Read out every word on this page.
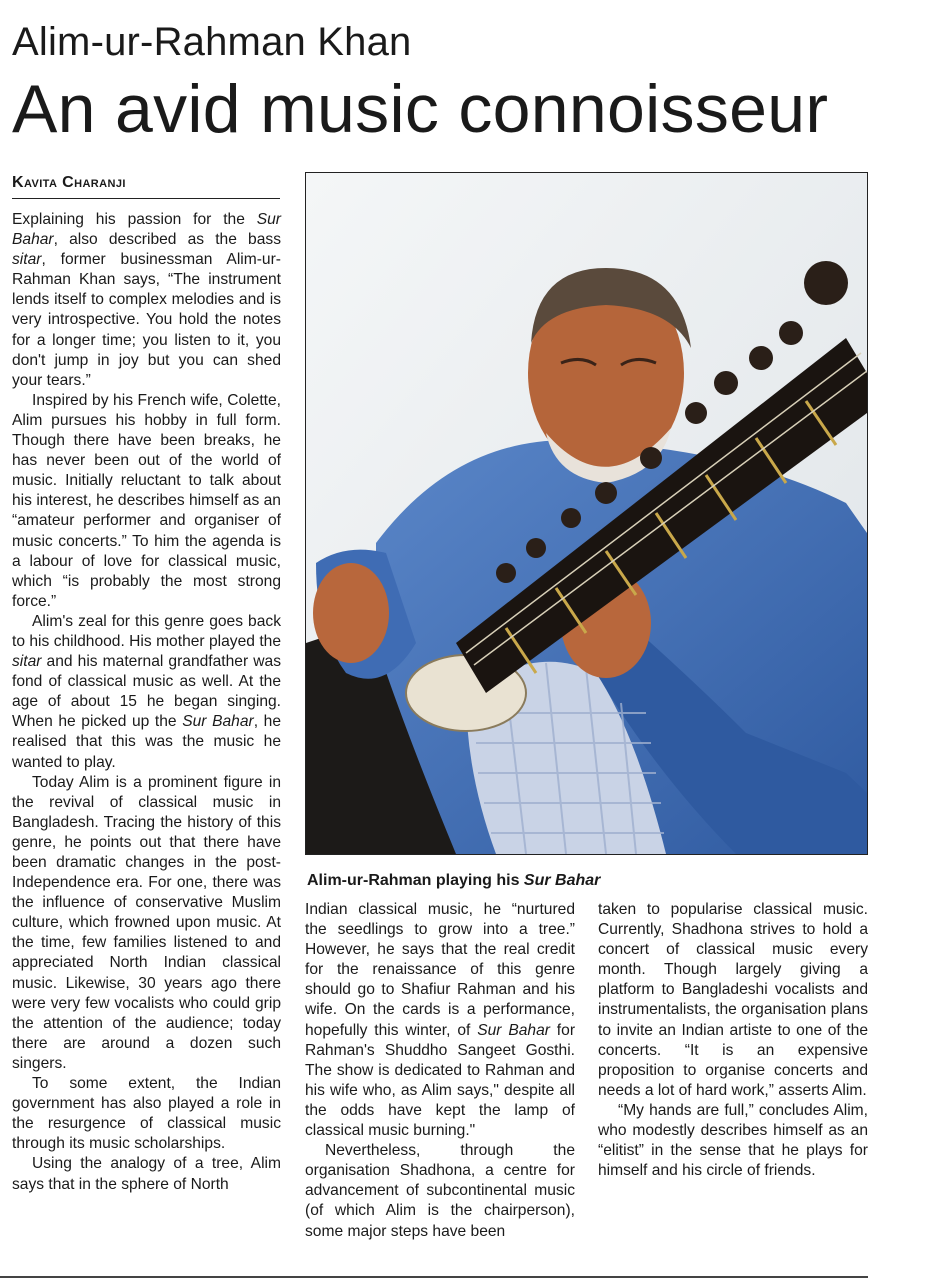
Alim-ur-Rahman Khan
An avid music connoisseur
Kavita Charanji

Explaining his passion for the Sur Bahar, also described as the bass sitar, former businessman Alim-ur-Rahman Khan says, “The instrument lends itself to complex melodies and is very introspective. You hold the notes for a longer time; you listen to it, you don't jump in joy but you can shed your tears.”

Inspired by his French wife, Colette, Alim pursues his hobby in full form. Though there have been breaks, he has never been out of the world of music. Initially reluctant to talk about his interest, he describes himself as an “amateur performer and organiser of music concerts.” To him the agenda is a labour of love for classical music, which “is probably the most strong force.”

Alim's zeal for this genre goes back to his childhood. His mother played the sitar and his maternal grandfather was fond of classical music as well. At the age of about 15 he began singing. When he picked up the Sur Bahar, he realised that this was the music he wanted to play.

Today Alim is a prominent figure in the revival of classical music in Bangladesh. Tracing the history of this genre, he points out that there have been dramatic changes in the post-Independence era. For one, there was the influence of conservative Muslim culture, which frowned upon music. At the time, few families listened to and appreciated North Indian classical music. Likewise, 30 years ago there were very few vocalists who could grip the attention of the audience; today there are around a dozen such singers.

To some extent, the Indian government has also played a role in the resurgence of classical music through its music scholarships.

Using the analogy of a tree, Alim says that in the sphere of North

Alim-ur-Rahman playing his Sur Bahar

Indian classical music, he “nurtured the seedlings to grow into a tree.” However, he says that the real credit for the renaissance of this genre should go to Shafiur Rahman and his wife. On the cards is a performance, hopefully this winter, of Sur Bahar for Rahman's Shuddho Sangeet Gosthi. The show is dedicated to Rahman and his wife who, as Alim says," despite all the odds have kept the lamp of classical music burning."

Nevertheless, through the organisation Shadhona, a centre for advancement of subcontinental music (of which Alim is the chairperson), some major steps have been

taken to popularise classical music. Currently, Shadhona strives to hold a concert of classical music every month. Though largely giving a platform to Bangladeshi vocalists and instrumentalists, the organisation plans to invite an Indian artiste to one of the concerts. “It is an expensive proposition to organise concerts and needs a lot of hard work,” asserts Alim.

“My hands are full,” concludes Alim, who modestly describes himself as an “elitist” in the sense that he plays for himself and his circle of friends.
